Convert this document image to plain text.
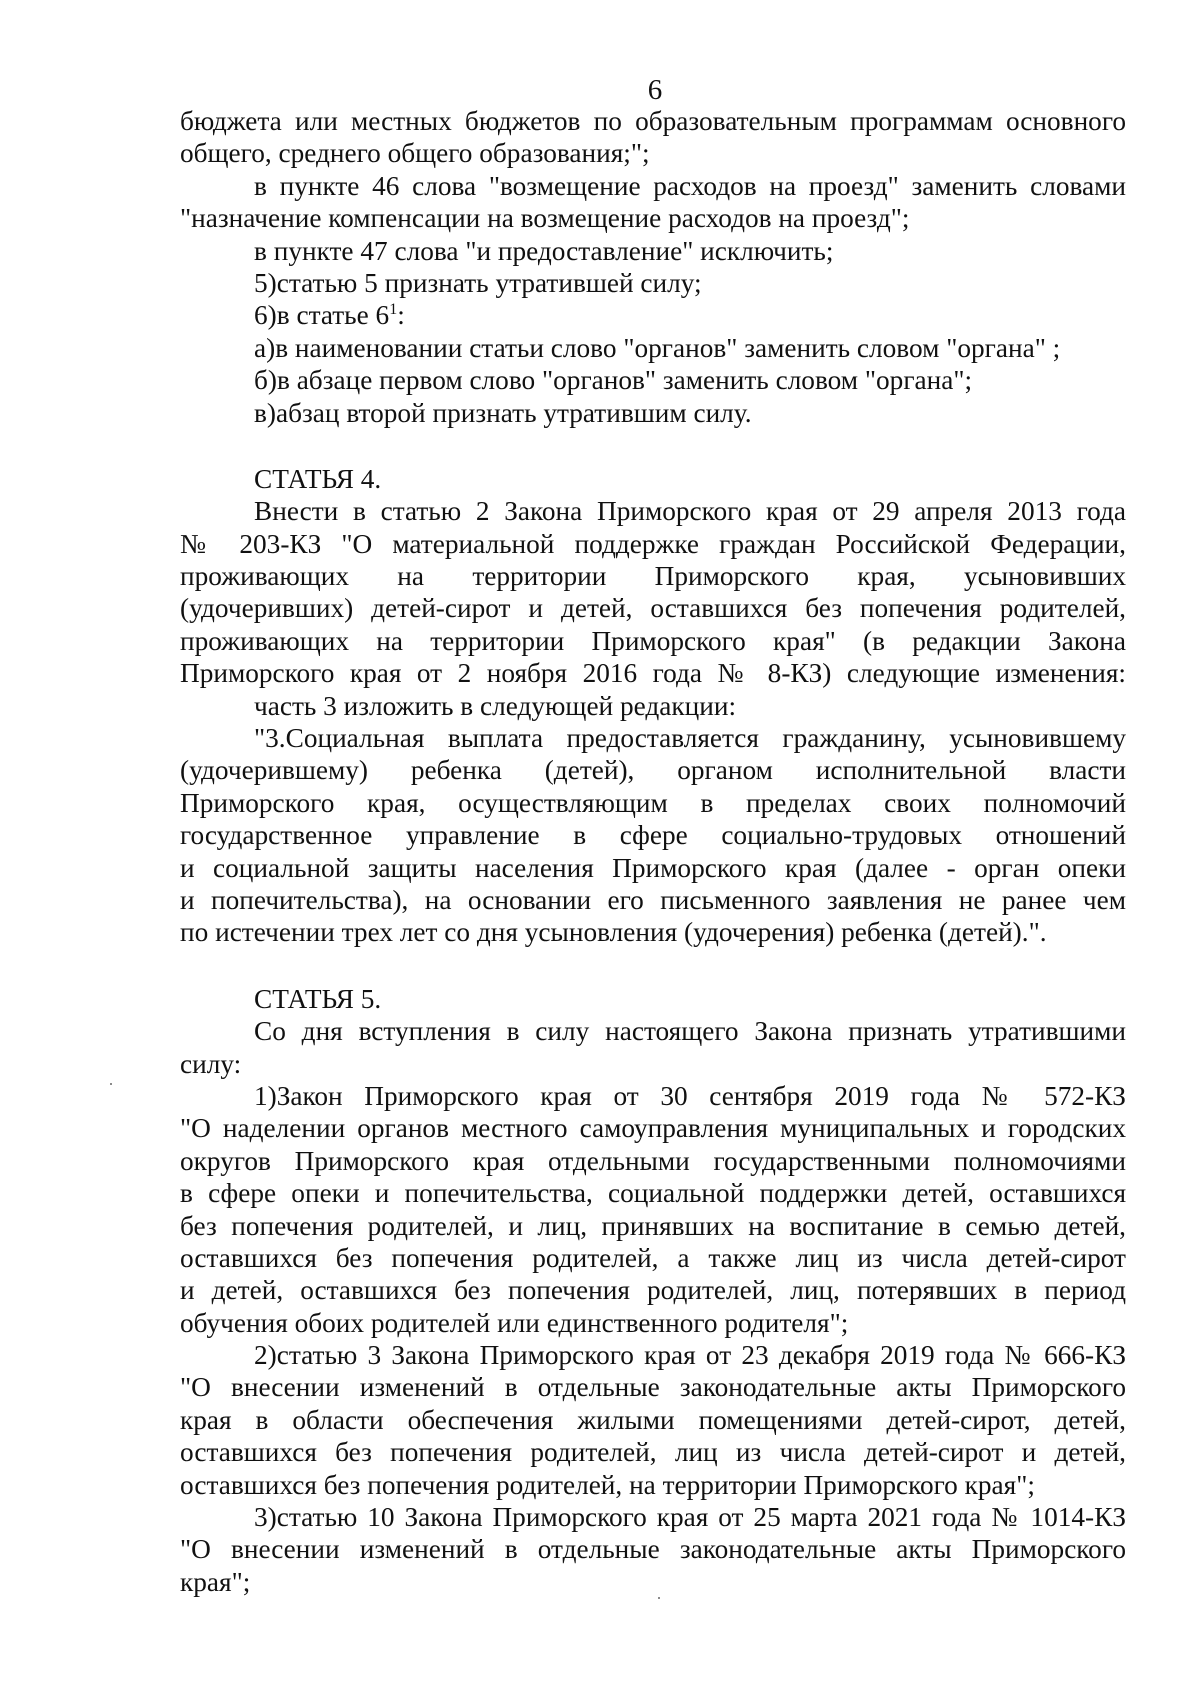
6
бюджета или местных бюджетов по образовательным программам основного
общего, среднего общего образования;";
в пункте 46 слова "возмещение расходов на проезд" заменить словами
"назначение компенсации на возмещение расходов на проезд";
в пункте 47 слова "и предоставление" исключить;
5)статью 5 признать утратившей силу;
6)в статье $6^1$:
а)в наименовании статьи слово "органов" заменить словом "органа" ;
б)в абзаце первом слово "органов" заменить словом "органа";
в)абзац второй признать утратившим силу.
СТАТЬЯ 4.
Внести в статью 2 Закона Приморского края от 29 апреля 2013 года
№ 203-КЗ "О материальной поддержке граждан Российской Федерации,
проживающих на территории Приморского края, усыновивших
(удочеривших) детей-сирот и детей, оставшихся без попечения родителей,
проживающих на территории Приморского края" (в редакции Закона
Приморского края от 2 ноября 2016 года № 8-КЗ) следующие изменения:
часть 3 изложить в следующей редакции:
"3.Социальная выплата предоставляется гражданину, усыновившему
(удочерившему) ребенка (детей), органом исполнительной власти
Приморского края, осуществляющим в пределах своих полномочий
государственное управление в сфере социально-трудовых отношений
и социальной защиты населения Приморского края (далее - орган опеки
и попечительства), на основании его письменного заявления не ранее чем
по истечении трех лет со дня усыновления (удочерения) ребенка (детей).".
СТАТЬЯ 5.
Со дня вступления в силу настоящего Закона признать утратившими
силу:
1)Закон Приморского края от 30 сентября 2019 года № 572-КЗ
"О наделении органов местного самоуправления муниципальных и городских
округов Приморского края отдельными государственными полномочиями
в сфере опеки и попечительства, социальной поддержки детей, оставшихся
без попечения родителей, и лиц, принявших на воспитание в семью детей,
оставшихся без попечения родителей, а также лиц из числа детей-сирот
и детей, оставшихся без попечения родителей, лиц, потерявших в период
обучения обоих родителей или единственного родителя";
2)статью 3 Закона Приморского края от 23 декабря 2019 года № 666-КЗ
"О внесении изменений в отдельные законодательные акты Приморского
края в области обеспечения жилыми помещениями детей-сирот, детей,
оставшихся без попечения родителей, лиц из числа детей-сирот и детей,
оставшихся без попечения родителей, на территории Приморского края";
3)статью 10 Закона Приморского края от 25 марта 2021 года № 1014-КЗ
"О внесении изменений в отдельные законодательные акты Приморского
края";
